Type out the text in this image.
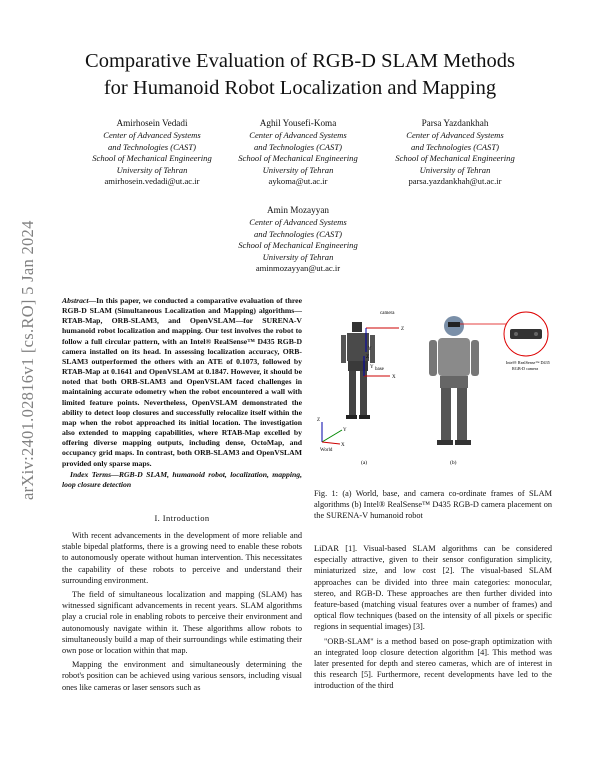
Comparative Evaluation of RGB-D SLAM Methods
for Humanoid Robot Localization and Mapping
Amirhosein Vedadi
Center of Advanced Systems
and Technologies (CAST)
School of Mechanical Engineering
University of Tehran
amirhosein.vedadi@ut.ac.ir
Aghil Yousefi-Koma
Center of Advanced Systems
and Technologies (CAST)
School of Mechanical Engineering
University of Tehran
aykoma@ut.ac.ir
Parsa Yazdankhah
Center of Advanced Systems
and Technologies (CAST)
School of Mechanical Engineering
University of Tehran
parsa.yazdankhah@ut.ac.ir
Amin Mozayyan
Center of Advanced Systems
and Technologies (CAST)
School of Mechanical Engineering
University of Tehran
aminmozayyan@ut.ac.ir
arXiv:2401.02816v1 [cs.RO] 5 Jan 2024	Abstract—In this paper, we conducted a comparative evaluation of three RGB-D SLAM (Simultaneous Localization and Mapping) algorithms—RTAB-Map, ORB-SLAM3, and OpenVSLAM—for SURENA-V humanoid robot localization and mapping. Our test involves the robot to follow a full circular pattern, with an Intel® RealSense™ D435 RGB-D camera installed on its head. In assessing localization accuracy, ORB-SLAM3 outperformed the others with an ATE of 0.1073, followed by RTAB-Map at 0.1641 and OpenVSLAM at 0.1847. However, it should be noted that both ORB-SLAM3 and OpenVSLAM faced challenges in maintaining accurate odometry when the robot encountered a wall with limited feature points. Nevertheless, OpenVSLAM demonstrated the ability to detect loop closures and successfully relocalize itself within the map when the robot approached its initial location. The investigation also extended to mapping capabilities, where RTAB-Map excelled by offering diverse mapping outputs, including dense, OctoMap, and occupancy grid maps. In contrast, both ORB-SLAM3 and OpenVSLAM provided only sparse maps.
Index Terms—RGB-D SLAM, humanoid robot, localization, mapping, loop closure detection
I. Introduction

With recent advancements in the development of more reliable and stable bipedal platforms, there is a growing need to enable these robots to autonomously operate without human intervention. This necessitates the capability of these robots to perceive and understand their surrounding environment.

The field of simultaneous localization and mapping (SLAM) has witnessed significant advancements in recent years. SLAM algorithms play a crucial role in enabling robots to perceive their environment and autonomously navigate within it. These algorithms allow robots to simultaneously build a map of their surroundings while estimating their own pose or location within that map.

Mapping the environment and simultaneously determining the robot's position can be achieved using various sensors, including visual ones like cameras or laser sensors such as

camera
Z
Y
base
X
Z
Y
Z
Y
X
World
(a)
Intel® RealSense™ D435
RGB-D camera
(b)
Fig. 1: (a) World, base, and camera co-ordinate frames of SLAM algorithms (b) Intel® RealSense™ D435 RGB-D camera placement on the SURENA-V humanoid robot

LiDAR [1]. Visual-based SLAM algorithms can be considered especially attractive, given to their sensor configuration simplicity, miniaturized size, and low cost [2]. The visual-based SLAM approaches can be divided into three main categories: monocular, stereo, and RGB-D. These approaches are then further divided into feature-based (matching visual features over a number of frames) and optical flow techniques (based on the intensity of all pixels or specific regions in sequential images) [3].

"ORB-SLAM" is a method based on pose-graph optimization with an integrated loop closure detection algorithm [4]. This method was later presented for depth and stereo cameras, which are of interest in this research [5]. Furthermore, recent developments have led to the introduction of the third
